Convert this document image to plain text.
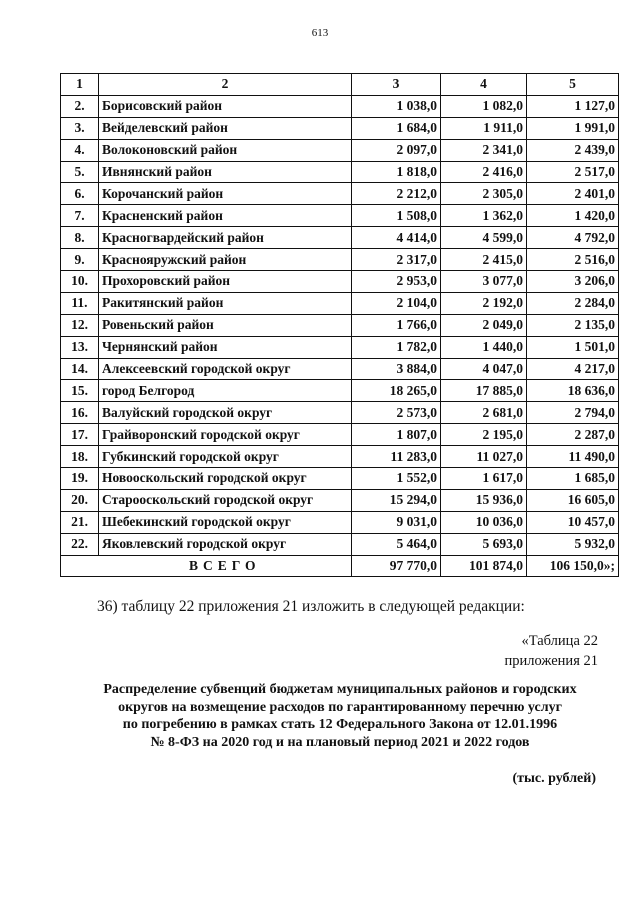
613
1	2	3	4	5
2.	Борисовский район	1 038,0	1 082,0	1 127,0
3.	Вейделевский район	1 684,0	1 911,0	1 991,0
4.	Волоконовский район	2 097,0	2 341,0	2 439,0
5.	Ивнянский район	1 818,0	2 416,0	2 517,0
6.	Корочанский район	2 212,0	2 305,0	2 401,0
7.	Красненский район	1 508,0	1 362,0	1 420,0
8.	Красногвардейский район	4 414,0	4 599,0	4 792,0
9.	Краснояружский район	2 317,0	2 415,0	2 516,0
10.	Прохоровский район	2 953,0	3 077,0	3 206,0
11.	Ракитянский район	2 104,0	2 192,0	2 284,0
12.	Ровеньский район	1 766,0	2 049,0	2 135,0
13.	Чернянский район	1 782,0	1 440,0	1 501,0
14.	Алексеевский городской округ	3 884,0	4 047,0	4 217,0
15.	город Белгород	18 265,0	17 885,0	18 636,0
16.	Валуйский городской округ	2 573,0	2 681,0	2 794,0
17.	Грайворонский городской округ	1 807,0	2 195,0	2 287,0
18.	Губкинский городской округ	11 283,0	11 027,0	11 490,0
19.	Новооскольский городской округ	1 552,0	1 617,0	1 685,0
20.	Старооскольский городской округ	15 294,0	15 936,0	16 605,0
21.	Шебекинский городской округ	9 031,0	10 036,0	10 457,0
22.	Яковлевский городской округ	5 464,0	5 693,0	5 932,0
	ВСЕГО	97 770,0	101 874,0	106 150,0»;
36) таблицу 22 приложения 21 изложить в следующей редакции:
«Таблица 22
приложения 21
Распределение субвенций бюджетам муниципальных районов и городских
округов на возмещение расходов по гарантированному перечню услуг
по погребению в рамках стать 12 Федерального Закона от 12.01.1996
№ 8-ФЗ на 2020 год и на плановый период 2021 и 2022 годов
(тыс. рублей)
